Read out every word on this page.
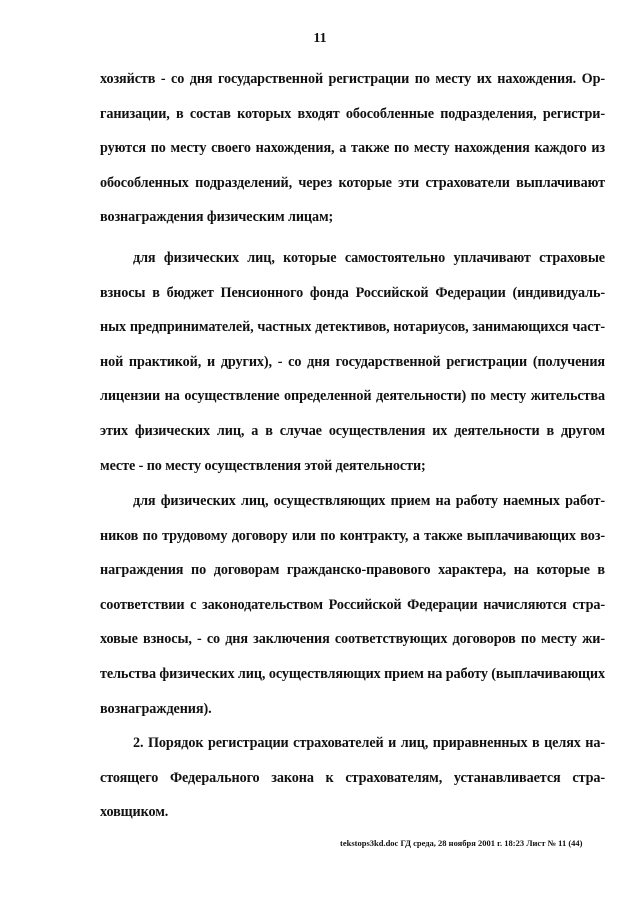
11
хозяйств - со дня государственной регистрации по месту их нахождения. Ор-
ганизации, в состав которых входят обособленные подразделения, регистри-
руются по месту своего нахождения, а также по месту нахождения каждого из
обособленных подразделений, через которые эти страхователи выплачивают
вознаграждения физическим лицам;
для физических лиц, которые самостоятельно уплачивают страховые
взносы в бюджет Пенсионного фонда Российской Федерации (индивидуаль-
ных предпринимателей, частных детективов, нотариусов, занимающихся част-
ной практикой, и других), - со дня государственной регистрации (получения
лицензии на осуществление определенной деятельности) по месту жительства
этих физических лиц, а в случае осуществления их деятельности в другом
месте - по месту осуществления этой деятельности;
для физических лиц, осуществляющих прием на работу наемных работ-
ников по трудовому договору или по контракту, а также выплачивающих воз-
награждения по договорам гражданско-правового характера, на которые в
соответствии с законодательством Российской Федерации начисляются стра-
ховые взносы, - со дня заключения соответствующих договоров по месту жи-
тельства физических лиц, осуществляющих прием на работу (выплачивающих
вознаграждения).
2. Порядок регистрации страхователей и лиц, приравненных в целях на-
стоящего Федерального закона к страхователям, устанавливается стра-
ховщиком.
tekstops3kd.doc ГД среда, 28 ноября 2001 г. 18:23 Лист № 11 (44)
